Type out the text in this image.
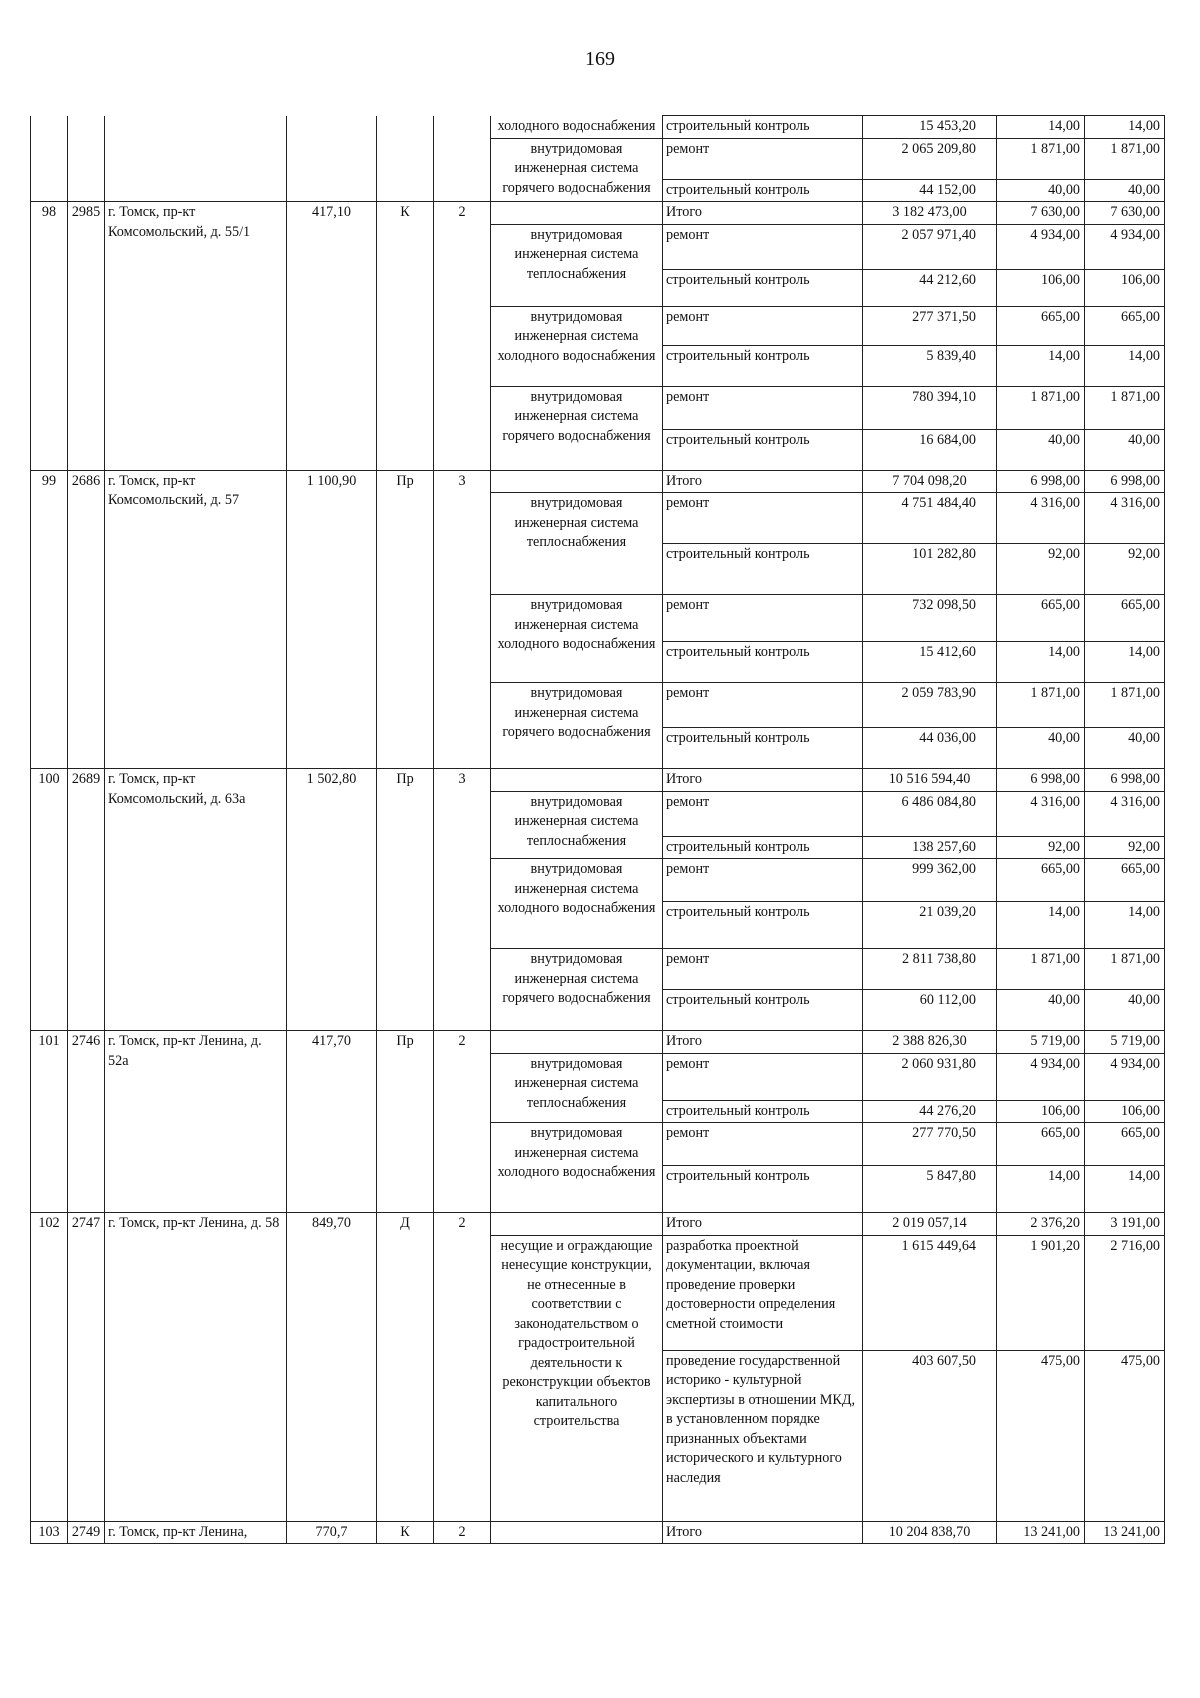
169
						холодного водоснабжения	строительный контроль	15 453,20	14,00	14,00
						внутридомовая инженерная система горячего водоснабжения	ремонт	2 065 209,80	1 871,00	1 871,00
							строительный контроль	44 152,00	40,00	40,00
98	2985	г. Томск, пр-кт Комсомольский, д. 55/1	417,10	К	2		Итого	3 182 473,00	7 630,00	7 630,00
						внутридомовая инженерная система теплоснабжения	ремонт	2 057 971,40	4 934,00	4 934,00
							строительный контроль	44 212,60	106,00	106,00
						внутридомовая инженерная система холодного водоснабжения	ремонт	277 371,50	665,00	665,00
							строительный контроль	5 839,40	14,00	14,00
						внутридомовая инженерная система горячего водоснабжения	ремонт	780 394,10	1 871,00	1 871,00
							строительный контроль	16 684,00	40,00	40,00
99	2686	г. Томск, пр-кт Комсомольский, д. 57	1 100,90	Пр	3		Итого	7 704 098,20	6 998,00	6 998,00
						внутридомовая инженерная система теплоснабжения	ремонт	4 751 484,40	4 316,00	4 316,00
							строительный контроль	101 282,80	92,00	92,00
						внутридомовая инженерная система холодного водоснабжения	ремонт	732 098,50	665,00	665,00
							строительный контроль	15 412,60	14,00	14,00
						внутридомовая инженерная система горячего водоснабжения	ремонт	2 059 783,90	1 871,00	1 871,00
							строительный контроль	44 036,00	40,00	40,00
100	2689	г. Томск, пр-кт Комсомольский, д. 63а	1 502,80	Пр	3		Итого	10 516 594,40	6 998,00	6 998,00
						внутридомовая инженерная система теплоснабжения	ремонт	6 486 084,80	4 316,00	4 316,00
							строительный контроль	138 257,60	92,00	92,00
						внутридомовая инженерная система холодного водоснабжения	ремонт	999 362,00	665,00	665,00
							строительный контроль	21 039,20	14,00	14,00
						внутридомовая инженерная система горячего водоснабжения	ремонт	2 811 738,80	1 871,00	1 871,00
							строительный контроль	60 112,00	40,00	40,00
101	2746	г. Томск, пр-кт Ленина, д. 52а	417,70	Пр	2		Итого	2 388 826,30	5 719,00	5 719,00
						внутридомовая инженерная система теплоснабжения	ремонт	2 060 931,80	4 934,00	4 934,00
							строительный контроль	44 276,20	106,00	106,00
						внутридомовая инженерная система холодного водоснабжения	ремонт	277 770,50	665,00	665,00
							строительный контроль	5 847,80	14,00	14,00
102	2747	г. Томск, пр-кт Ленина, д. 58	849,70	Д	2		Итого	2 019 057,14	2 376,20	3 191,00
						несущие и ограждающие ненесущие конструкции, не отнесенные в соответствии с законодательством о градостроительной деятельности к реконструкции объектов капитального строительства	разработка проектной документации, включая проведение проверки достоверности определения сметной стоимости	1 615 449,64	1 901,20	2 716,00
							проведение государственной историко - культурной экспертизы в отношении МКД, в установленном порядке признанных объектами исторического и культурного наследия	403 607,50	475,00	475,00
103	2749	г. Томск, пр-кт Ленина,	770,7	К	2		Итого	10 204 838,70	13 241,00	13 241,00
